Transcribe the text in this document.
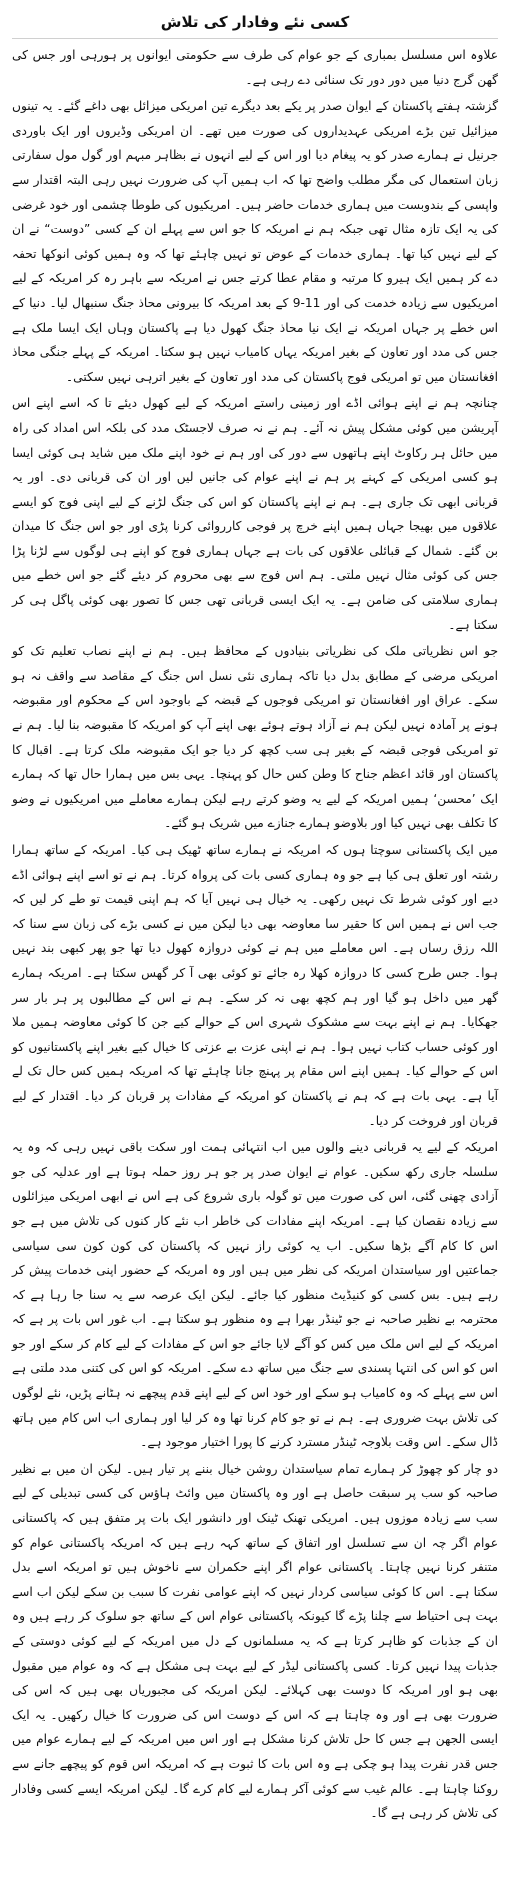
کسی نئے وفادار کی تلاش

علاوہ اس مسلسل بمباری کے جو عوام کی طرف سے حکومتی ایوانوں پر ہورہی اور جس کی گھن گرج دنیا میں دور دور تک سنائی دے رہی ہے۔

گزشتہ ہفتے پاکستان کے ایوان صدر پر یکے بعد دیگرے تین امریکی میزائل بھی داغے گئے۔ یہ تینوں میزائیل تین بڑے امریکی عہدیداروں کی صورت میں تھے۔ ان امریکی وڈیروں اور ایک باوردی جرنیل نے ہمارے صدر کو یہ پیغام دیا اور اس کے لیے انہوں نے بظاہر مبہم اور گول مول سفارتی زبان استعمال کی مگر مطلب واضح تھا کہ اب ہمیں آپ کی ضرورت نہیں رہی البتہ اقتدار سے واپسی کے بندوبست میں ہماری خدمات حاضر ہیں۔ امریکیوں کی طوطا چشمی اور خود غرضی کی یہ ایک تازہ مثال تھی جبکہ ہم نے امریکہ کا جو اس سے پہلے ان کے کسی ”دوست“ نے ان کے لیے نہیں کیا تھا۔ ہماری خدمات کے عوض تو نہیں چاہئے تھا کہ وہ ہمیں کوئی انوکھا تحفہ دے کر ہمیں ایک ہیرو کا مرتبہ و مقام عطا کرتے جس نے امریکہ سے باہر رہ کر امریکہ کے لیے امریکیوں سے زیادہ خدمت کی اور 11-9 کے بعد امریکہ کا بیرونی محاذ جنگ سنبھال لیا۔ دنیا کے اس خطے پر جہاں امریکہ نے ایک نیا محاذ جنگ کھول دیا ہے پاکستان وہاں ایک ایسا ملک ہے جس کی مدد اور تعاون کے بغیر امریکہ یہاں کامیاب نہیں ہو سکتا۔ امریکہ کے پہلے جنگی محاذ افغانستان میں تو امریکی فوج پاکستان کی مدد اور تعاون کے بغیر اترہی نہیں سکتی۔

چنانچہ ہم نے اپنے ہوائی اڈے اور زمینی راستے امریکہ کے لیے کھول دیئے تا کہ اسے اپنے اس آپریشن میں کوئی مشکل پیش نہ آئے۔ ہم نے نہ صرف لاجسٹک مدد کی بلکہ اس امداد کی راہ میں حائل ہر رکاوٹ اپنے ہاتھوں سے دور کی اور ہم نے خود اپنے ملک میں شاید ہی کوئی ایسا ہو کسی امریکی کے کہنے پر ہم نے اپنے عوام کی جانیں لیں اور ان کی قربانی دی۔ اور یہ قربانی ابھی تک جاری ہے۔ ہم نے اپنے پاکستان کو اس کی جنگ لڑنے کے لیے اپنی فوج کو ایسے علاقوں میں بھیجا جہاں ہمیں اپنے خرچ پر فوجی کارروائی کرنا پڑی اور جو اس جنگ کا میدان بن گئے۔ شمال کے قبائلی علاقوں کی بات ہے جہاں ہماری فوج کو اپنے ہی لوگوں سے لڑنا پڑا جس کی کوئی مثال نہیں ملتی۔ ہم اس فوج سے بھی محروم کر دیئے گئے جو اس خطے میں ہماری سلامتی کی ضامن ہے۔ یہ ایک ایسی قربانی تھی جس کا تصور بھی کوئی پاگل ہی کر سکتا ہے۔

جو اس نظریاتی ملک کی نظریاتی بنیادوں کے محافظ ہیں۔ ہم نے اپنے نصاب تعلیم تک کو امریکی مرضی کے مطابق بدل دیا تاکہ ہماری نئی نسل اس جنگ کے مقاصد سے واقف نہ ہو سکے۔ عراق اور افغانستان تو امریکی فوجوں کے قبضہ کے باوجود اس کے محکوم اور مقبوضہ ہونے پر آمادہ نہیں لیکن ہم نے آزاد ہوتے ہوئے بھی اپنے آپ کو امریکہ کا مقبوضہ بنا لیا۔ ہم نے تو امریکی فوجی قبضہ کے بغیر ہی سب کچھ کر دیا جو ایک مقبوضہ ملک کرتا ہے۔ اقبال کا پاکستان اور قائد اعظم جناح کا وطن کس حال کو پہنچا۔ یہی بس میں ہمارا حال تھا کہ ہمارے ایک ’محسن‘ ہمیں امریکہ کے لیے یہ وضو کرتے رہے لیکن ہمارے معاملے میں امریکیوں نے وضو کا تکلف بھی نہیں کیا اور بلاوضو ہمارے جنازے میں شریک ہو گئے۔

میں ایک پاکستانی سوچتا ہوں کہ امریکہ نے ہمارے ساتھ ٹھیک ہی کیا۔ امریکہ کے ساتھ ہمارا رشتہ اور تعلق ہی کیا ہے جو وہ ہماری کسی بات کی پرواہ کرتا۔ ہم نے تو اسے اپنے ہوائی اڈے دیے اور کوئی شرط تک نہیں رکھی۔ یہ خیال ہی نہیں آیا کہ ہم اپنی قیمت تو طے کر لیں کہ جب اس نے ہمیں اس کا حقیر سا معاوضہ بھی دیا لیکن میں نے کسی بڑے کی زبان سے سنا کہ اللہ رزق رساں ہے۔ اس معاملے میں ہم نے کوئی دروازہ کھول دیا تھا جو پھر کبھی بند نہیں ہوا۔ جس طرح کسی کا دروازہ کھلا رہ جائے تو کوئی بھی آ کر گھس سکتا ہے۔ امریکہ ہمارے گھر میں داخل ہو گیا اور ہم کچھ بھی نہ کر سکے۔ ہم نے اس کے مطالبوں پر ہر بار سر جھکایا۔ ہم نے اپنے بہت سے مشکوک شہری اس کے حوالے کیے جن کا کوئی معاوضہ ہمیں ملا اور کوئی حساب کتاب نہیں ہوا۔ ہم نے اپنی عزت بے عزتی کا خیال کیے بغیر اپنے پاکستانیوں کو اس کے حوالے کیا۔ ہمیں اپنے اس مقام پر پہنچ جانا چاہئے تھا کہ امریکہ ہمیں کس حال تک لے آیا ہے۔ یہی بات ہے کہ ہم نے پاکستان کو امریکہ کے مفادات پر قربان کر دیا۔ اقتدار کے لیے قربان اور فروخت کر دیا۔

امریکہ کے لیے یہ قربانی دینے والوں میں اب انتہائی ہمت اور سکت باقی نہیں رہی کہ وہ یہ سلسلہ جاری رکھ سکیں۔ عوام نے ایوان صدر پر جو ہر روز حملہ ہوتا ہے اور عدلیہ کی جو آزادی چھنی گئی، اس کی صورت میں تو گولہ باری شروع کی ہے اس نے ابھی امریکی میزائلوں سے زیادہ نقصان کیا ہے۔ امریکہ اپنے مفادات کی خاطر اب نئے کار کنوں کی تلاش میں ہے جو اس کا کام آگے بڑھا سکیں۔ اب یہ کوئی راز نہیں کہ پاکستان کی کون کون سی سیاسی جماعتیں اور سیاستدان امریکہ کی نظر میں ہیں اور وہ امریکہ کے حضور اپنی خدمات پیش کر رہے ہیں۔ بس کسی کو کنیڈیٹ منظور کیا جائے۔ لیکن ایک عرصہ سے یہ سنا جا رہا ہے کہ محترمہ بے نظیر صاحبہ نے جو ٹینڈر بھرا ہے وہ منظور ہو سکتا ہے۔ اب غور اس بات پر ہے کہ امریکہ کے لیے اس ملک میں کس کو آگے لایا جائے جو اس کے مفادات کے لیے کام کر سکے اور جو اس کو اس کی انتہا پسندی سے جنگ میں ساتھ دے سکے۔ امریکہ کو اس کی کتنی مدد ملتی ہے اس سے پہلے کہ وہ کامیاب ہو سکے اور خود اس کے لیے اپنے قدم پیچھے نہ ہٹانے پڑیں، نئے لوگوں کی تلاش بہت ضروری ہے۔ ہم نے تو جو کام کرنا تھا وہ کر لیا اور ہماری اب اس کام میں ہاتھ ڈال سکے۔ اس وقت بلاوجہ ٹینڈر مسترد کرنے کا پورا اختیار موجود ہے۔

دو چار کو چھوڑ کر ہمارے تمام سیاستدان روشن خیال بننے پر تیار ہیں۔ لیکن ان میں بے نظیر صاحبہ کو سب پر سبقت حاصل ہے اور وہ پاکستان میں وائٹ ہاؤس کی کسی تبدیلی کے لیے سب سے زیادہ موزوں ہیں۔ امریکی تھنک ٹینک اور دانشور ایک بات پر متفق ہیں کہ پاکستانی عوام اگر چہ ان سے تسلسل اور اتفاق کے ساتھ کہہ رہے ہیں کہ امریکہ پاکستانی عوام کو متنفر کرنا نہیں چاہتا۔ پاکستانی عوام اگر اپنے حکمران سے ناخوش ہیں تو امریکہ اسے بدل سکتا ہے۔ اس کا کوئی سیاسی کردار نہیں کہ اپنے عوامی نفرت کا سبب بن سکے لیکن اب اسے بہت ہی احتیاط سے چلنا پڑے گا کیونکہ پاکستانی عوام اس کے ساتھ جو سلوک کر رہے ہیں وہ ان کے جذبات کو ظاہر کرتا ہے کہ یہ مسلمانوں کے دل میں امریکہ کے لیے کوئی دوستی کے جذبات پیدا نہیں کرتا۔ کسی پاکستانی لیڈر کے لیے بہت ہی مشکل ہے کہ وہ عوام میں مقبول بھی ہو اور امریکہ کا دوست بھی کہلائے۔ لیکن امریکہ کی مجبوریاں بھی ہیں کہ اس کی ضرورت بھی ہے اور وہ چاہتا ہے کہ اس کے دوست اس کی ضرورت کا خیال رکھیں۔ یہ ایک ایسی الجھن ہے جس کا حل تلاش کرنا مشکل ہے اور اس میں امریکہ کے لیے ہمارے عوام میں جس قدر نفرت پیدا ہو چکی ہے وہ اس بات کا ثبوت ہے کہ امریکہ اس قوم کو پیچھے جانے سے روکنا چاہتا ہے۔ عالم غیب سے کوئی آکر ہمارے لیے کام کرے گا۔ لیکن امریکہ ایسے کسی وفادار کی تلاش کر رہی ہے گا۔
